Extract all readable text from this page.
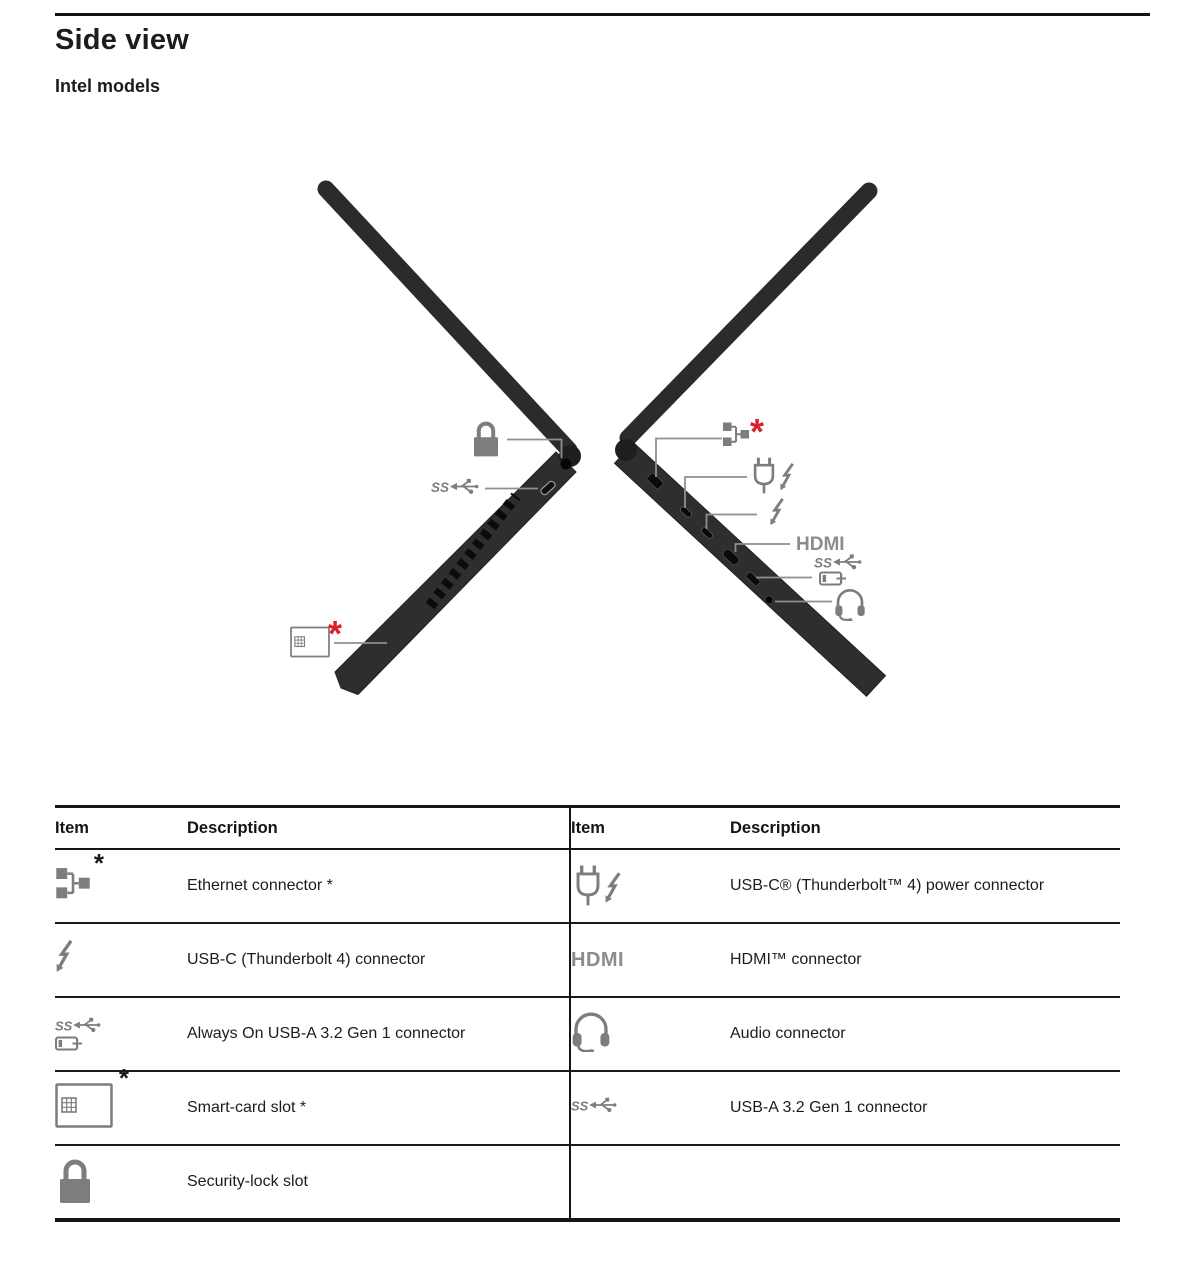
Side view
Intel models
*
*
HDMI
Item	Description	Item	Description

*	Ethernet connector *		USB-C® (Thunderbolt™ 4) power connector
	USB-C (Thunderbolt 4) connector	HDMI	HDMI™ connector

	Always On USB-A 3.2 Gen 1 connector		Audio connector

*	Smart-card slot *		USB-A 3.2 Gen 1 connector
	Security-lock slot		
